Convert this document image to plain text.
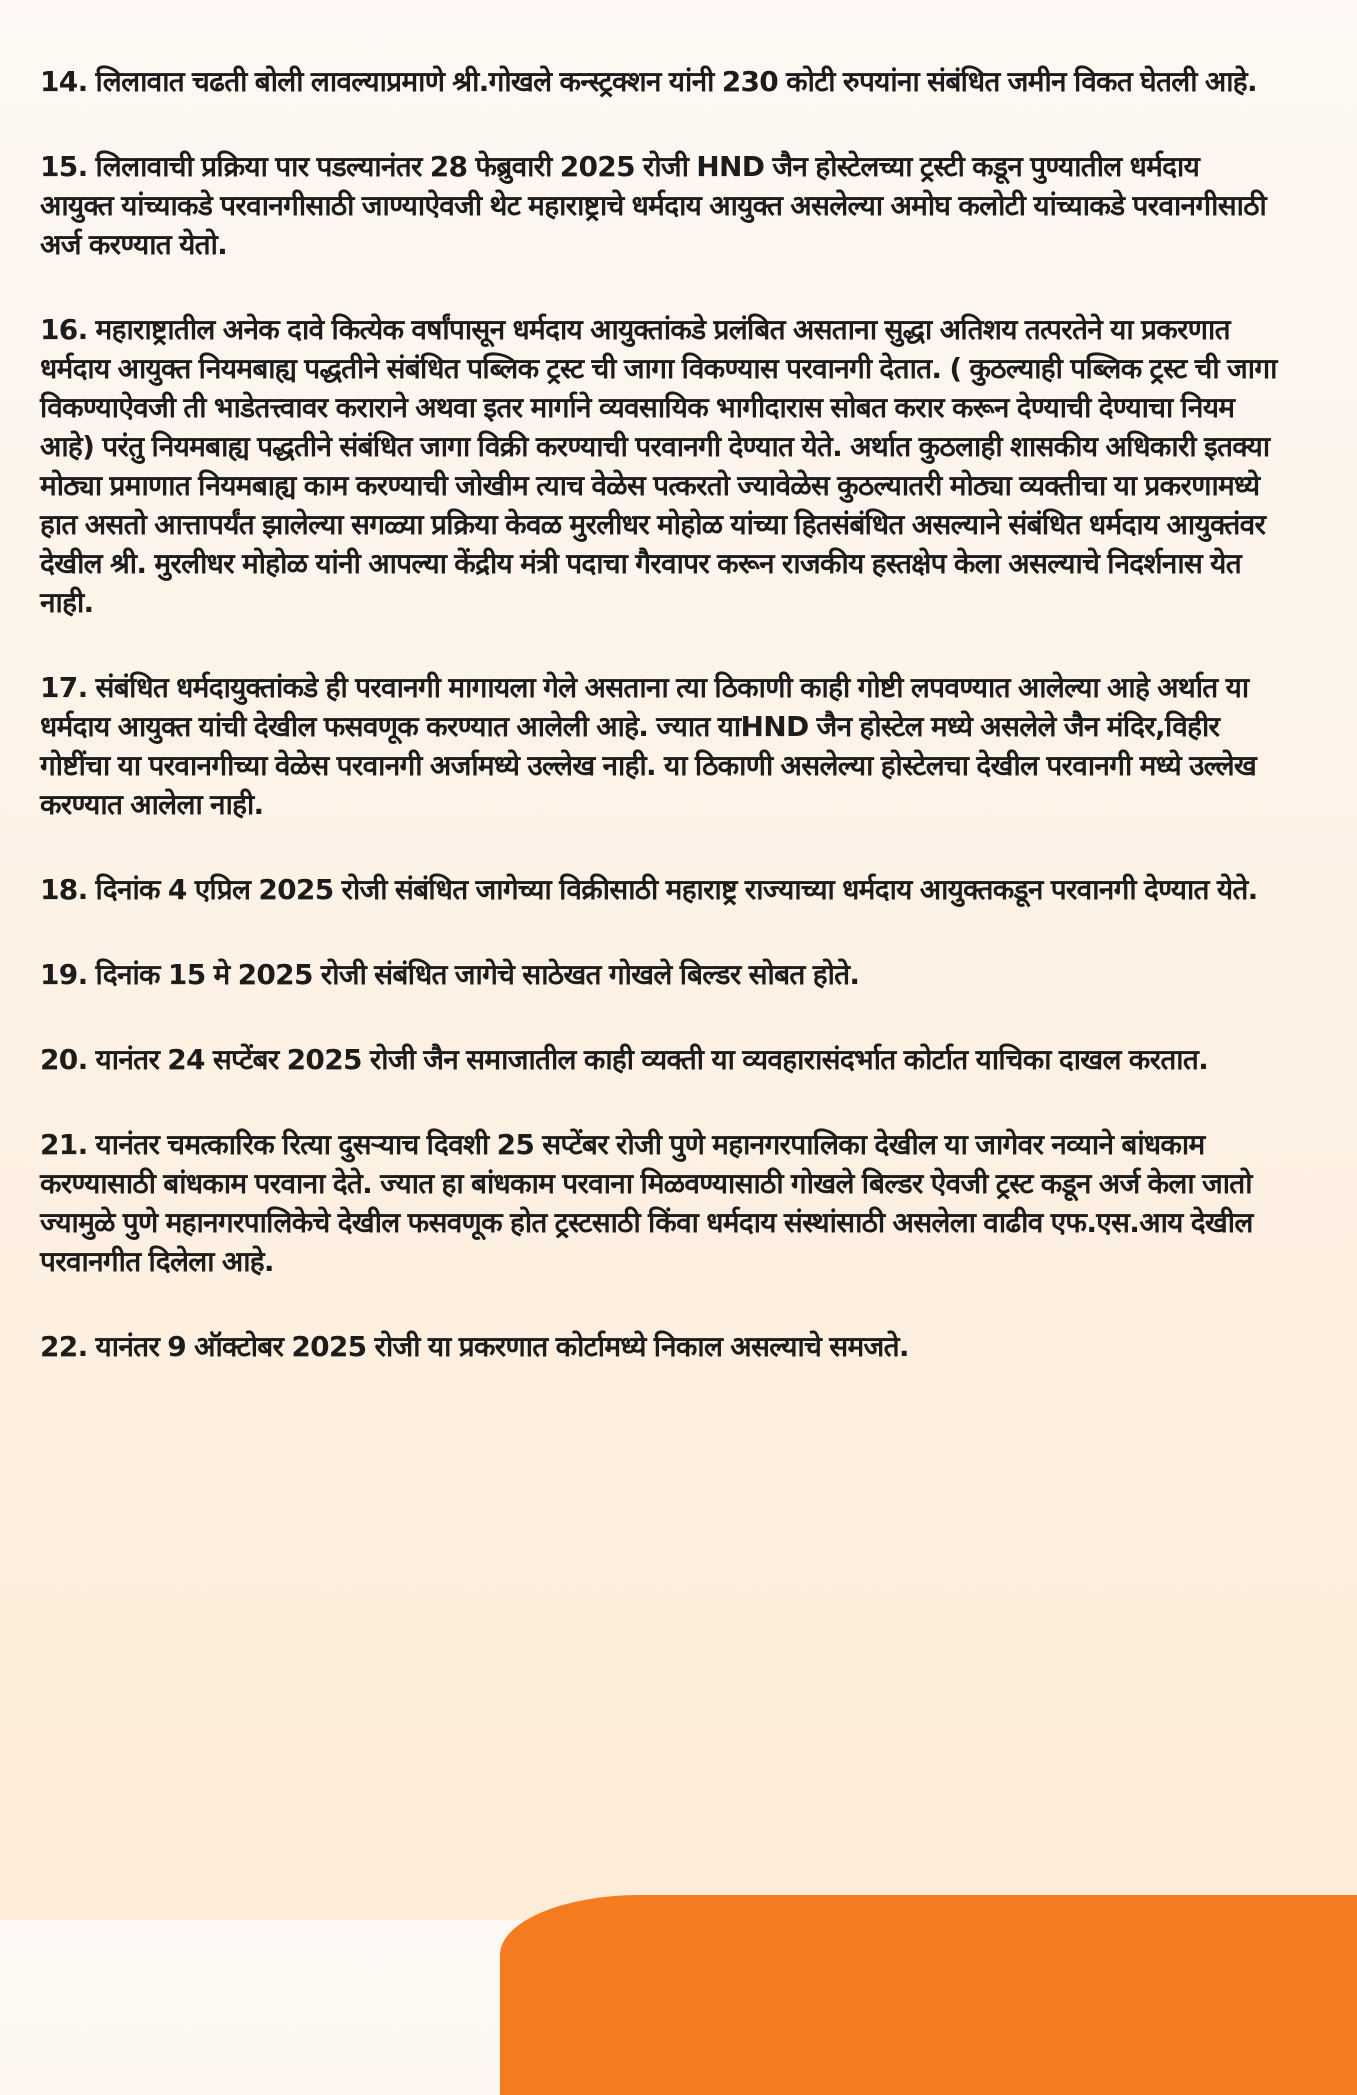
14. लिलावात चढती बोली लावल्याप्रमाणे श्री.गोखले कन्स्ट्रक्शन यांनी 230 कोटी रुपयांना संबंधित जमीन विकत घेतली आहे.

15. लिलावाची प्रक्रिया पार पडल्यानंतर 28 फेब्रुवारी 2025 रोजी HND जैन होस्टेलच्या ट्रस्टी कडून पुण्यातील धर्मदाय आयुक्त यांच्याकडे परवानगीसाठी जाण्याऐवजी थेट महाराष्ट्राचे धर्मदाय आयुक्त असलेल्या अमोघ कलोटी यांच्याकडे परवानगीसाठी अर्ज करण्यात येतो.

16. महाराष्ट्रातील अनेक दावे कित्येक वर्षांपासून धर्मदाय आयुक्तांकडे प्रलंबित असताना सुद्धा अतिशय तत्परतेने या प्रकरणात धर्मदाय आयुक्त नियमबाह्य पद्धतीने संबंधित पब्लिक ट्रस्ट ची जागा विकण्यास परवानगी देतात. ( कुठल्याही पब्लिक ट्रस्ट ची जागा विकण्याऐवजी ती भाडेतत्त्वावर कराराने अथवा इतर मार्गाने व्यवसायिक भागीदारास सोबत करार करून देण्याची देण्याचा नियम आहे) परंतु नियमबाह्य पद्धतीने संबंधित जागा विक्री करण्याची परवानगी देण्यात येते. अर्थात कुठलाही शासकीय अधिकारी इतक्या मोठ्या प्रमाणात नियमबाह्य काम करण्याची जोखीम त्याच वेळेस पत्करतो ज्यावेळेस कुठल्यातरी मोठ्या व्यक्तीचा या प्रकरणामध्ये हात असतो आत्तापर्यंत झालेल्या सगळ्या प्रक्रिया केवळ मुरलीधर मोहोळ यांच्या हितसंबंधित असल्याने संबंधित धर्मदाय आयुक्तंवर देखील श्री. मुरलीधर मोहोळ यांनी आपल्या केंद्रीय मंत्री पदाचा गैरवापर करून राजकीय हस्तक्षेप केला असल्याचे निदर्शनास येत नाही.

17. संबंधित धर्मदायुक्तांकडे ही परवानगी मागायला गेले असताना त्या ठिकाणी काही गोष्टी लपवण्यात आलेल्या आहे अर्थात या धर्मदाय आयुक्त यांची देखील फसवणूक करण्यात आलेली आहे. ज्यात याHND जैन होस्टेल मध्ये असलेले जैन मंदिर,विहीर गोष्टींचा या परवानगीच्या वेळेस परवानगी अर्जामध्ये उल्लेख नाही. या ठिकाणी असलेल्या होस्टेलचा देखील परवानगी मध्ये उल्लेख करण्यात आलेला नाही.

18. दिनांक 4 एप्रिल 2025 रोजी संबंधित जागेच्या विक्रीसाठी महाराष्ट्र राज्याच्या धर्मदाय आयुक्तकडून परवानगी देण्यात येते.

19. दिनांक 15 मे 2025 रोजी संबंधित जागेचे साठेखत गोखले बिल्डर सोबत होते.

20. यानंतर 24 सप्टेंबर 2025 रोजी जैन समाजातील काही व्यक्ती या व्यवहारासंदर्भात कोर्टात याचिका दाखल करतात.

21. यानंतर चमत्कारिक रित्या दुसऱ्याच दिवशी 25 सप्टेंबर रोजी पुणे महानगरपालिका देखील या जागेवर नव्याने बांधकाम करण्यासाठी बांधकाम परवाना देते. ज्यात हा बांधकाम परवाना मिळवण्यासाठी गोखले बिल्डर ऐवजी ट्रस्ट कडून अर्ज केला जातो ज्यामुळे पुणे महानगरपालिकेचे देखील फसवणूक होत ट्रस्टसाठी किंवा धर्मदाय संस्थांसाठी असलेला वाढीव एफ.एस.आय देखील परवानगीत दिलेला आहे.

22. यानंतर 9 ऑक्टोबर 2025 रोजी या प्रकरणात कोर्टामध्ये निकाल असल्याचे समजते.
